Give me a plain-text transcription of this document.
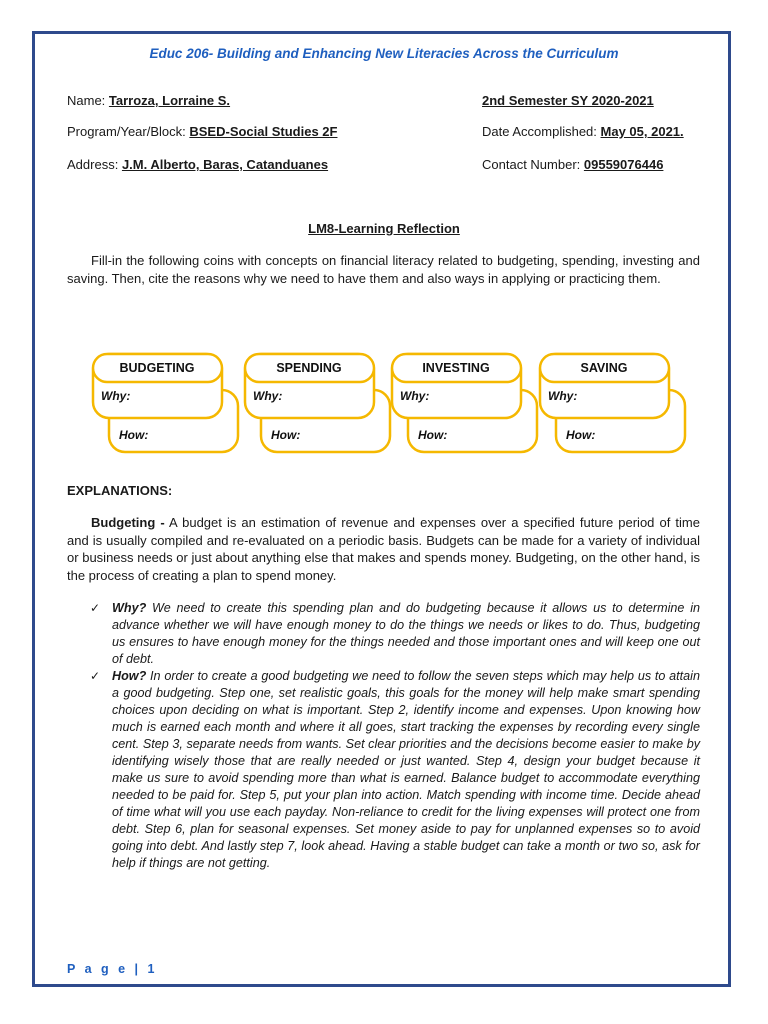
Educ 206- Building and Enhancing New Literacies Across the Curriculum
Name: Tarroza, Lorraine S.	2nd Semester SY 2020-2021
Program/Year/Block: BSED-Social Studies 2F	Date Accomplished: May 05, 2021.
Address: J.M. Alberto, Baras, Catanduanes	Contact Number: 09559076446
LM8-Learning Reflection
Fill-in the following coins with concepts on financial literacy related to budgeting, spending, investing and saving. Then, cite the reasons why we need to have them and also ways in applying or practicing them.
BUDGETING
Why:
How:
SPENDING
Why:
How:
INVESTING
Why:
How:
SAVING
Why:
How:
EXPLANATIONS:
Budgeting - A budget is an estimation of revenue and expenses over a specified future period of time and is usually compiled and re-evaluated on a periodic basis. Budgets can be made for a variety of individual or business needs or just about anything else that makes and spends money. Budgeting, on the other hand, is the process of creating a plan to spend money.
✓ Why? We need to create this spending plan and do budgeting because it allows us to determine in advance whether we will have enough money to do the things we needs or likes to do. Thus, budgeting us ensures to have enough money for the things needed and those important ones and will keep one out of debt.
✓ How? In order to create a good budgeting we need to follow the seven steps which may help us to attain a good budgeting. Step one, set realistic goals, this goals for the money will help make smart spending choices upon deciding on what is important. Step 2, identify income and expenses. Upon knowing how much is earned each month and where it all goes, start tracking the expenses by recording every single cent. Step 3, separate needs from wants. Set clear priorities and the decisions become easier to make by identifying wisely those that are really needed or just wanted. Step 4, design your budget because it make us sure to avoid spending more than what is earned. Balance budget to accommodate everything needed to be paid for. Step 5, put your plan into action. Match spending with income time. Decide ahead of time what will you use each payday. Non-reliance to credit for the living expenses will protect one from debt. Step 6, plan for seasonal expenses. Set money aside to pay for unplanned expenses so to avoid going into debt. And lastly step 7, look ahead. Having a stable budget can take a month or two so, ask for help if things are not getting.
P a g e | 1
